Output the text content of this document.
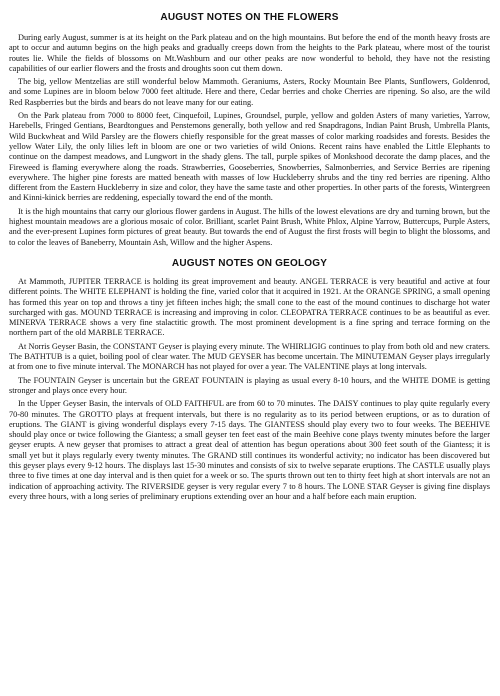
AUGUST NOTES ON THE FLOWERS

During early August, summer is at its height on the Park plateau and on the high mountains. But before the end of the month heavy frosts are apt to occur and autumn begins on the high peaks and gradually creeps down from the heights to the Park plateau, where most of the tourist routes lie. While the fields of blossoms on Mt.Washburn and our other peaks are now wonderful to behold, they have not the resisting capabilities of our earlier flowers and the frosts and droughts soon cut them down.

The big, yellow Mentzelias are still wonderful below Mammoth. Geraniums, Asters, Rocky Mountain Bee Plants, Sunflowers, Goldenrod, and some Lupines are in bloom below 7000 feet altitude. Here and there, Cedar berries and choke Cherries are ripening. So also, are the wild Red Raspberries but the birds and bears do not leave many for our eating.

On the Park plateau from 7000 to 8000 feet, Cinquefoil, Lupines, Groundsel, purple, yellow and golden Asters of many varieties, Yarrow, Harebells, Fringed Gentians, Beardtongues and Penstemons generally, both yellow and red Snapdragons, Indian Paint Brush, Umbrella Plants, Wild Buckwheat and Wild Parsley are the flowers chiefly responsible for the great masses of color marking roadsides and forests. Besides the yellow Water Lily, the only lilies left in bloom are one or two varieties of wild Onions. Recent rains have enabled the Little Elephants to continue on the dampest meadows, and Lungwort in the shady glens. The tall, purple spikes of Monkshood decorate the damp places, and the Fireweed is flaming everywhere along the roads. Strawberries, Gooseberries, Snowberries, Salmonberries, and Service Berries are ripening everywhere. The higher pine forests are matted beneath with masses of low Huckleberry shrubs and the tiny red berries are ripening. Altho different from the Eastern Huckleberry in size and color, they have the same taste and other properties. In other parts of the forests, Wintergreen and Kinni-kinick berries are reddening, especially toward the end of the month.

It is the high mountains that carry our glorious flower gardens in August. The hills of the lowest elevations are dry and turning brown, but the highest mountain meadows are a glorious mosaic of color. Brilliant, scarlet Paint Brush, White Phlox, Alpine Yarrow, Buttercups, Purple Asters, and the ever-present Lupines form pictures of great beauty. But towards the end of August the first frosts will begin to blight the blossoms, and to color the leaves of Baneberry, Mountain Ash, Willow and the higher Aspens.

AUGUST NOTES ON GEOLOGY

At Mammoth, JUPITER TERRACE is holding its great improvement and beauty. ANGEL TERRACE is very beautiful and active at four different points. The WHITE ELEPHANT is holding the fine, varied color that it acquired in 1921. At the ORANGE SPRING, a small opening has formed this year on top and throws a tiny jet fifteen inches high; the small cone to the east of the mound continues to discharge hot water surcharged with gas. MOUND TERRACE is increasing and improving in color. CLEOPATRA TERRACE continues to be as beautiful as ever. MINERVA TERRACE shows a very fine stalactitic growth. The most prominent development is a fine spring and terrace forming on the northern part of the old MARBLE TERRACE.

At Norris Geyser Basin, the CONSTANT Geyser is playing every minute. The WHIRLIGIG continues to play from both old and new craters. The BATHTUB is a quiet, boiling pool of clear water. The MUD GEYSER has become uncertain. The MINUTEMAN Geyser plays irregularly at from one to five minute interval. The MONARCH has not played for over a year. The VALENTINE plays at long intervals.

The FOUNTAIN Geyser is uncertain but the GREAT FOUNTAIN is playing as usual every 8-10 hours, and the WHITE DOME is getting stronger and plays once every hour.

In the Upper Geyser Basin, the intervals of OLD FAITHFUL are from 60 to 70 minutes. The DAISY continues to play quite regularly every 70-80 minutes. The GROTTO plays at frequent intervals, but there is no regularity as to its period between eruptions, or as to duration of eruptions. The GIANT is giving wonderful displays every 7-15 days. The GIANTESS should play every two to four weeks. The BEEHIVE should play once or twice following the Giantess; a small geyser ten feet east of the main Beehive cone plays twenty minutes before the larger geyser erupts. A new geyser that promises to attract a great deal of attention has begun operations about 300 feet south of the Giantess; it is small yet but it plays regularly every twenty minutes. The GRAND still continues its wonderful activity; no indicator has been discovered but this geyser plays every 9-12 hours. The displays last 15-30 minutes and consists of six to twelve separate eruptions. The CASTLE usually plays three to five times at one day interval and is then quiet for a week or so. The spurts thrown out ten to thirty feet high at short intervals are not an indication of approaching activity. The RIVERSIDE geyser is very regular every 7 to 8 hours. The LONE STAR Geyser is giving fine displays every three hours, with a long series of preliminary eruptions extending over an hour and a half before each main eruption.
